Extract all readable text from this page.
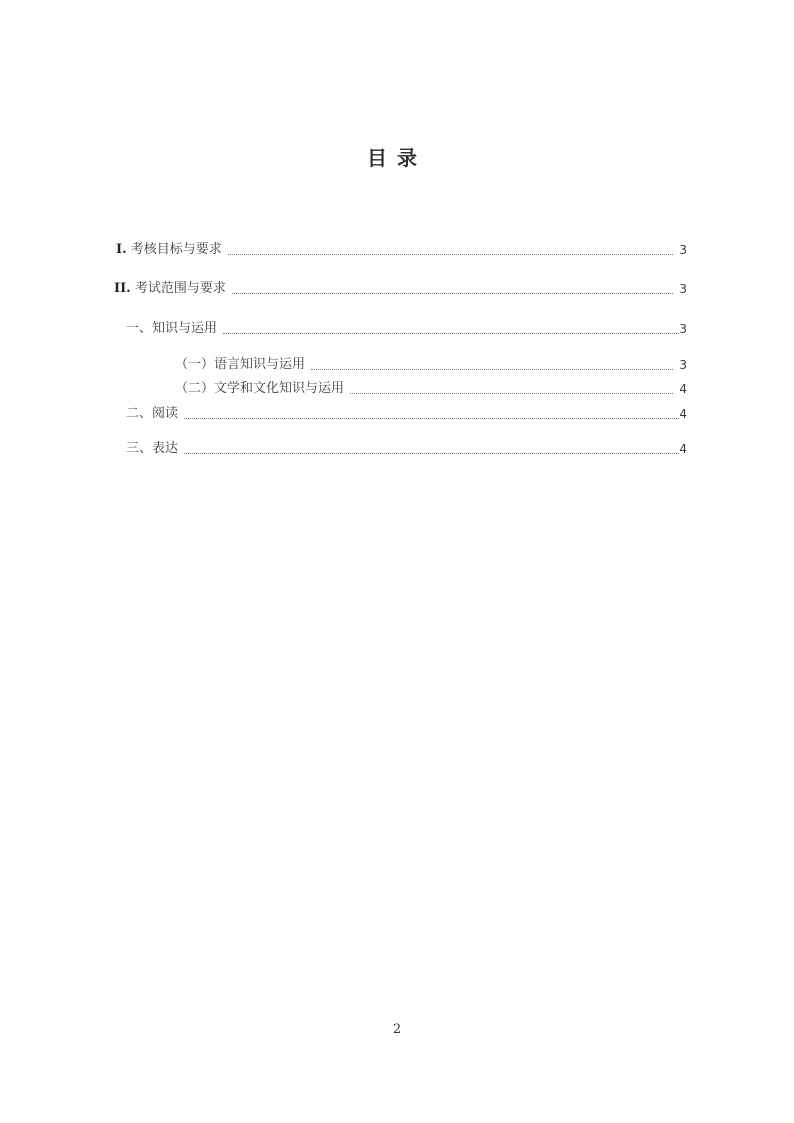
目录
Ⅰ. 考核目标与要求	3
II. 考试范围与要求	3
一、知识与运用	3
（一）语言知识与运用	3
（二）文学和文化知识与运用	4
二、阅读	4
三、表达	4
2
